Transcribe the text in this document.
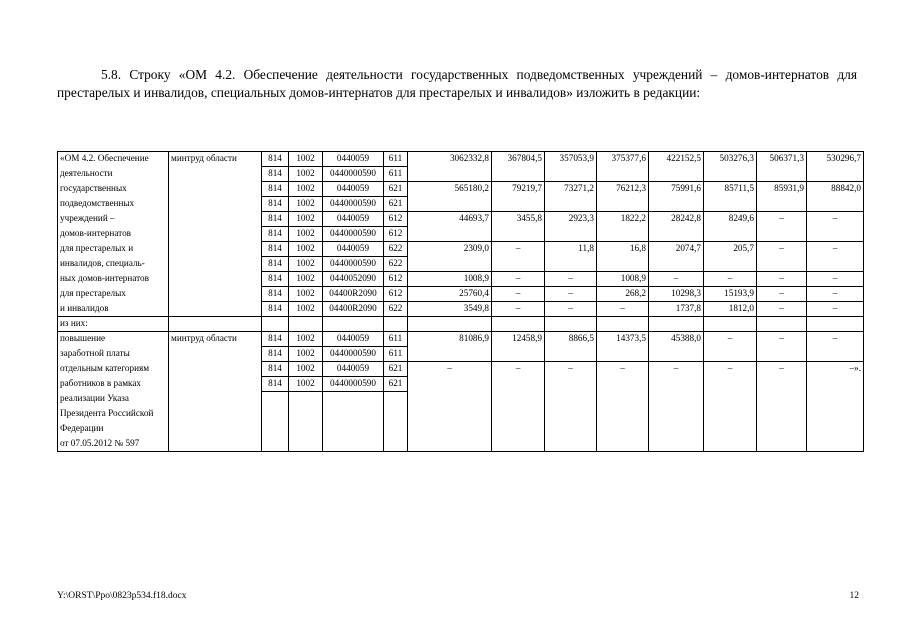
5.8. Строку «ОМ 4.2. Обеспечение деятельности государственных подведомственных учреждений – домов-интернатов для престарелых и инвалидов, специальных домов-интернатов для престарелых и инвалидов» изложить в редакции:
«ОМ 4.2. Обеспечение	минтруд области	814	1002	0440059	611	3062332,8	367804,5	357053,9	375377,6	422152,5	503276,3	506371,3	530296,7
деятельности		814	1002	0440000590	611								
государственных		814	1002	0440059	621	565180,2	79219,7	73271,2	76212,3	75991,6	85711,5	85931,9	88842,0
подведомственных		814	1002	0440000590	621								
учреждений –		814	1002	0440059	612	44693,7	3455,8	2923,3	1822,2	28242,8	8249,6	–	–
домов-интернатов		814	1002	0440000590	612								
для престарелых и		814	1002	0440059	622	2309,0	–	11,8	16,8	2074,7	205,7	–	–
инвалидов, специаль-		814	1002	0440000590	622								
ных домов-интернатов		814	1002	0440052090	612	1008,9	–	–	1008,9	–	–	–	–
для престарелых		814	1002	04400R2090	612	25760,4	–	–	268,2	10298,3	15193,9	–	–
и инвалидов		814	1002	04400R2090	622	3549,8	–	–	–	1737,8	1812,0	–	–
из них:													
повышение	минтруд области	814	1002	0440059	611	81086,9	12458,9	8866,5	14373,5	45388,0	–	–	–
заработной платы		814	1002	0440000590	611								
отдельным категориям		814	1002	0440059	621	–	–	–	–	–	–	–	–».
работников в рамках		814	1002	0440000590	621								
реализации Указа													
Президента Российской													
Федерации													
от 07.05.2012 № 597													
Y:\ORST\Ppo\0823p534.f18.docx	12
